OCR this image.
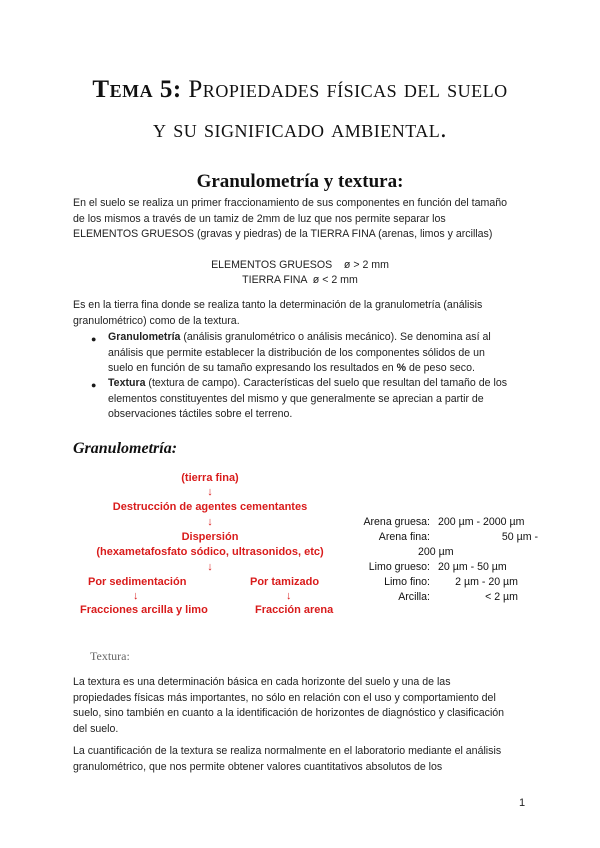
Tema 5: Propiedades físicas del suelo
y su significado ambiental.
Granulometría y textura:
En el suelo se realiza un primer fraccionamiento de sus componentes en función del tamaño
de los mismos a través de un tamiz de 2mm de luz que nos permite separar los
ELEMENTOS GRUESOS (gravas y piedras) de la TIERRA FINA (arenas, limos y arcillas)
ELEMENTOS GRUESOS    ø > 2 mm
TIERRA FINA  ø < 2 mm
Es en la tierra fina donde se realiza tanto la determinación de la granulometría (análisis
granulométrico) como de la textura.
● Granulometría (análisis granulométrico o análisis mecánico). Se denomina así al
análisis que permite establecer la distribución de los componentes sólidos de un
suelo en función de su tamaño expresando los resultados en % de peso seco.
● Textura (textura de campo). Características del suelo que resultan del tamaño de los
elementos constituyentes del mismo y que generalmente se aprecian a partir de
observaciones táctiles sobre el terreno.
Granulometría:
(tierra fina)
↓
Destrucción de agentes cementantes
↓
Dispersión
(hexametafosfato sódico, ultrasonidos, etc)
↓
Por sedimentación	Por tamizado
↓	↓
Fracciones arcilla y limo	Fracción arena
Arena gruesa: 200 µm - 2000 µm
Arena fina:	50 µm -
200 µm
Limo grueso: 20 µm - 50 µm
Limo fino:	2 µm - 20 µm
Arcilla:	< 2 µm
Textura:
La textura es una determinación básica en cada horizonte del suelo y una de las
propiedades físicas más importantes, no sólo en relación con el uso y comportamiento del
suelo, sino también en cuanto a la identificación de horizontes de diagnóstico y clasificación
del suelo.
La cuantificación de la textura se realiza normalmente en el laboratorio mediante el análisis
granulométrico, que nos permite obtener valores cuantitativos absolutos de los
1
